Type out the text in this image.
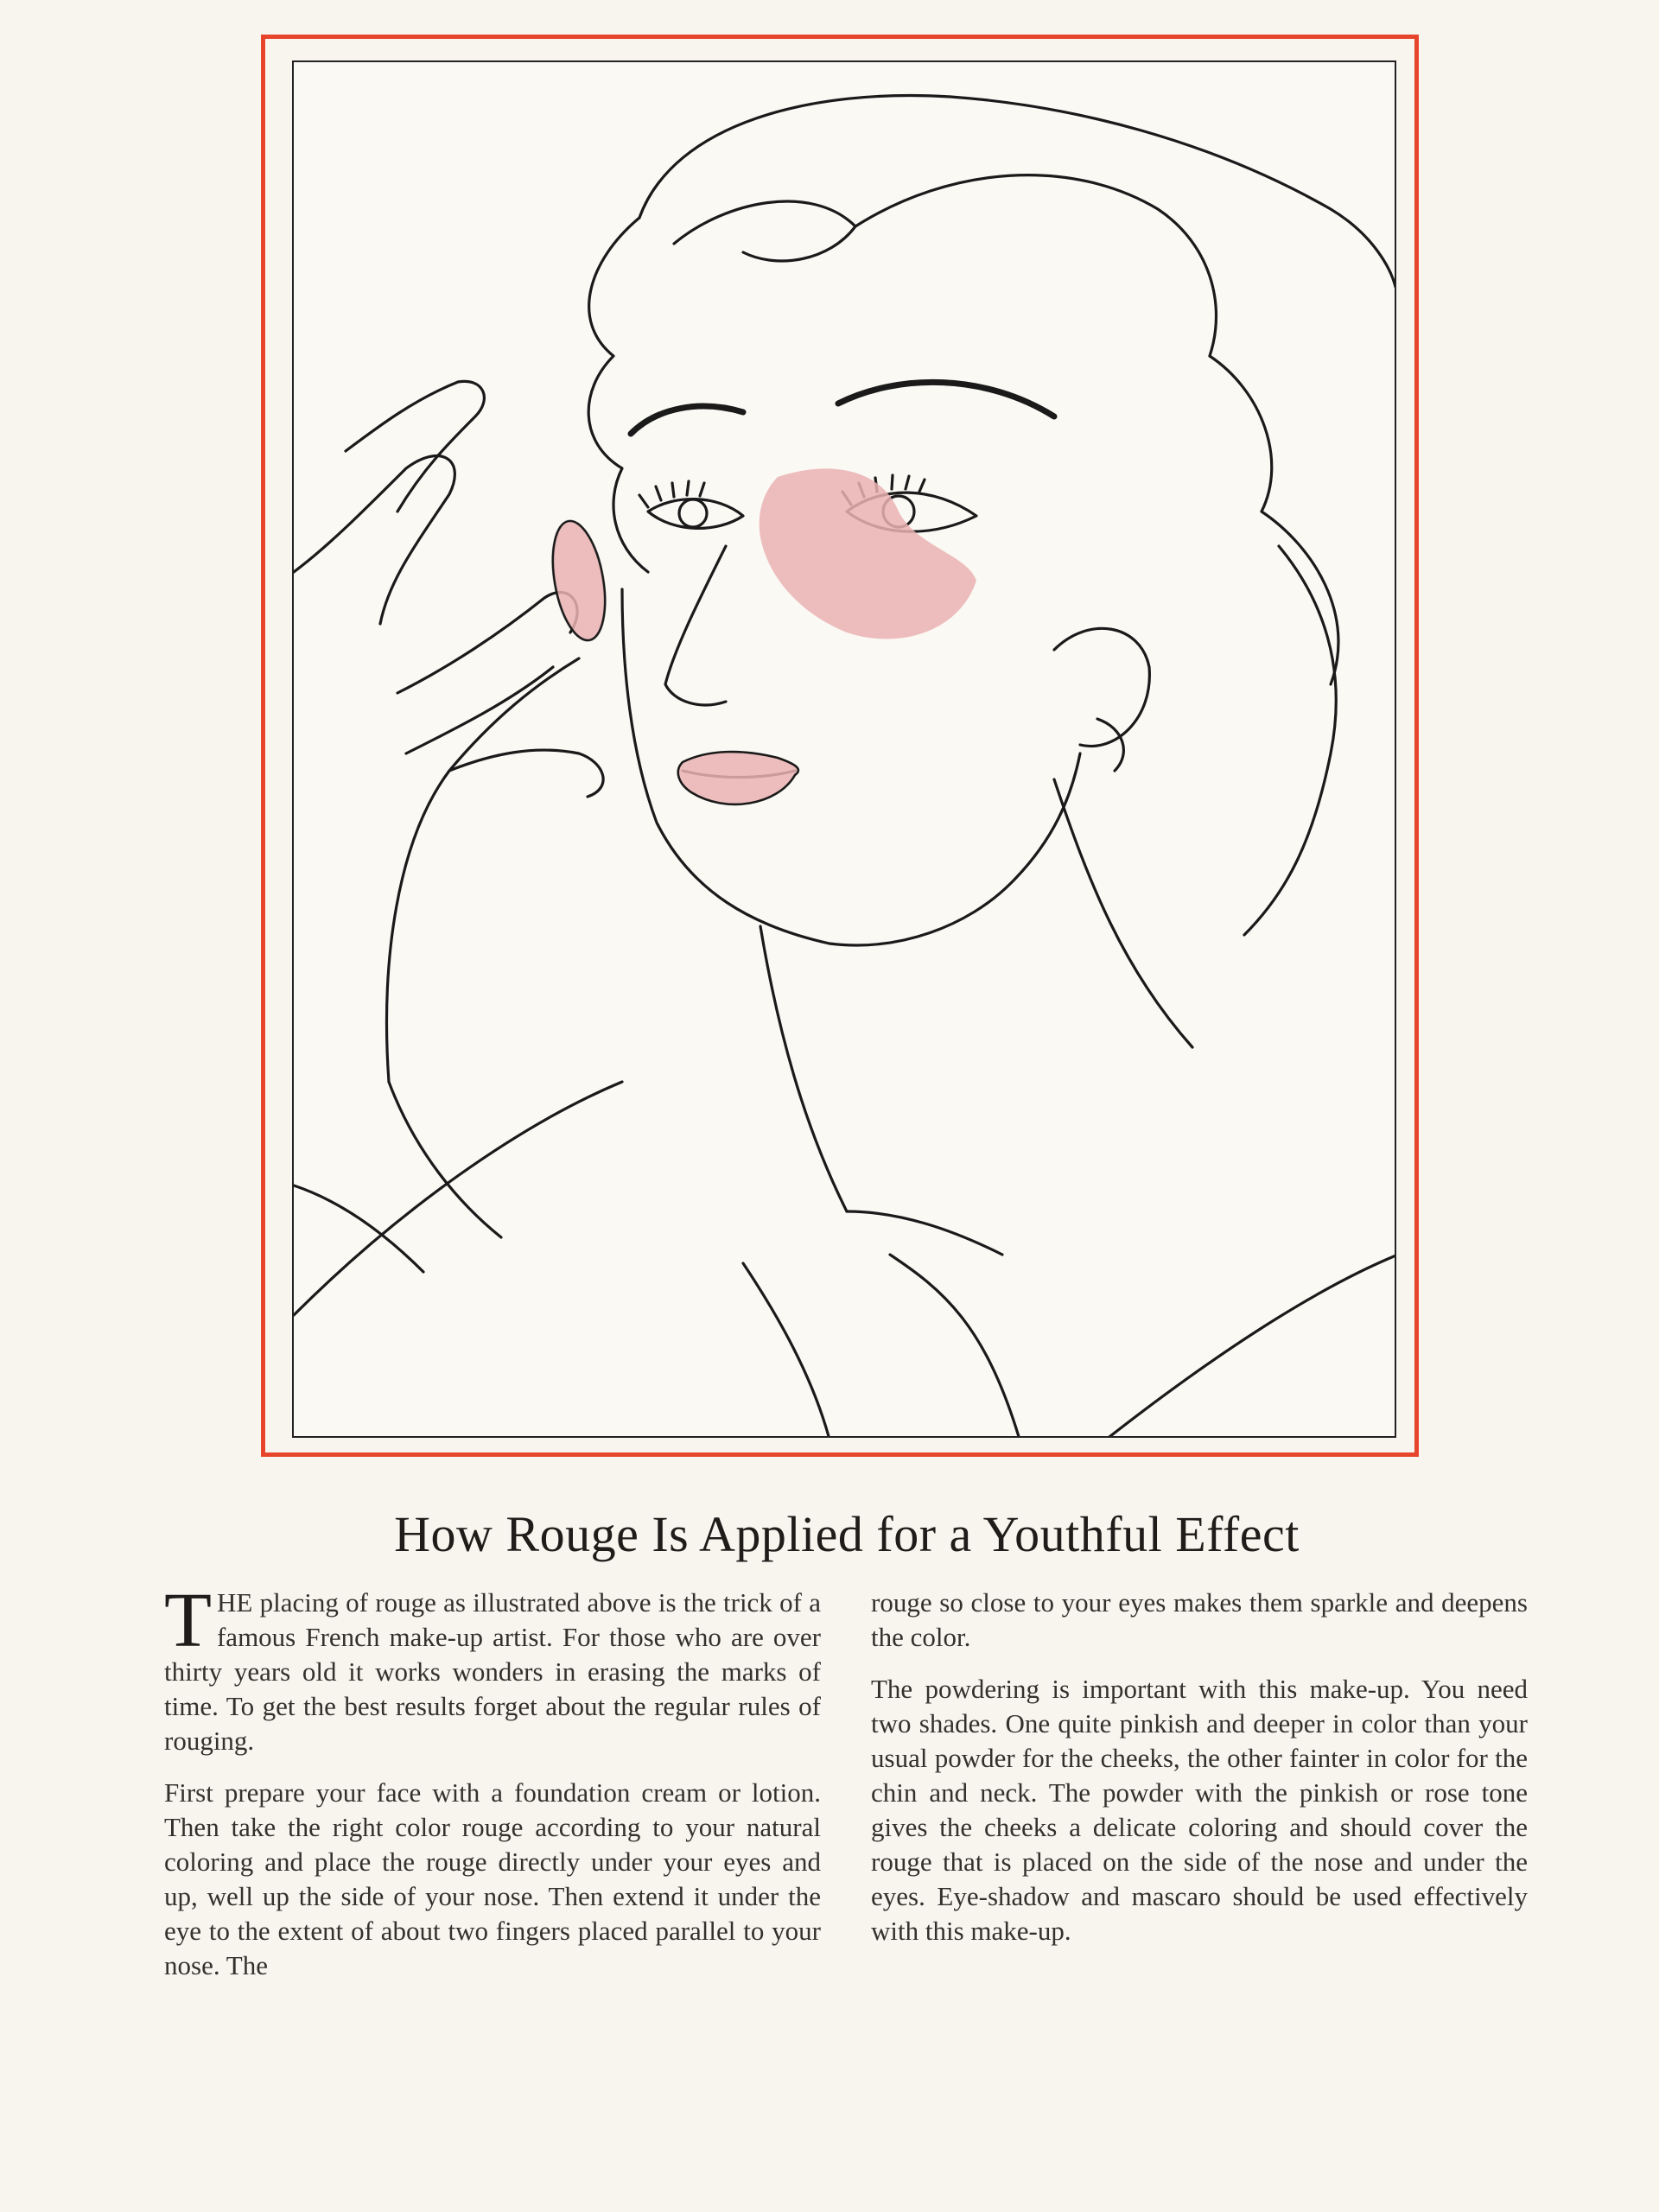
How Rouge Is Applied for a Youthful Effect

THE placing of rouge as illustrated above is the trick of a famous French make-up artist. For those who are over thirty years old it works wonders in erasing the marks of time. To get the best results forget about the regular rules of rouging.

First prepare your face with a foundation cream or lotion. Then take the right color rouge according to your natural coloring and place the rouge directly under your eyes and up, well up the side of your nose. Then extend it under the eye to the extent of about two fingers placed parallel to your nose. The

rouge so close to your eyes makes them sparkle and deepens the color.

The powdering is important with this make-up. You need two shades. One quite pinkish and deeper in color than your usual powder for the cheeks, the other fainter in color for the chin and neck. The powder with the pinkish or rose tone gives the cheeks a delicate coloring and should cover the rouge that is placed on the side of the nose and under the eyes. Eye-shadow and mascaro should be used effectively with this make-up.
